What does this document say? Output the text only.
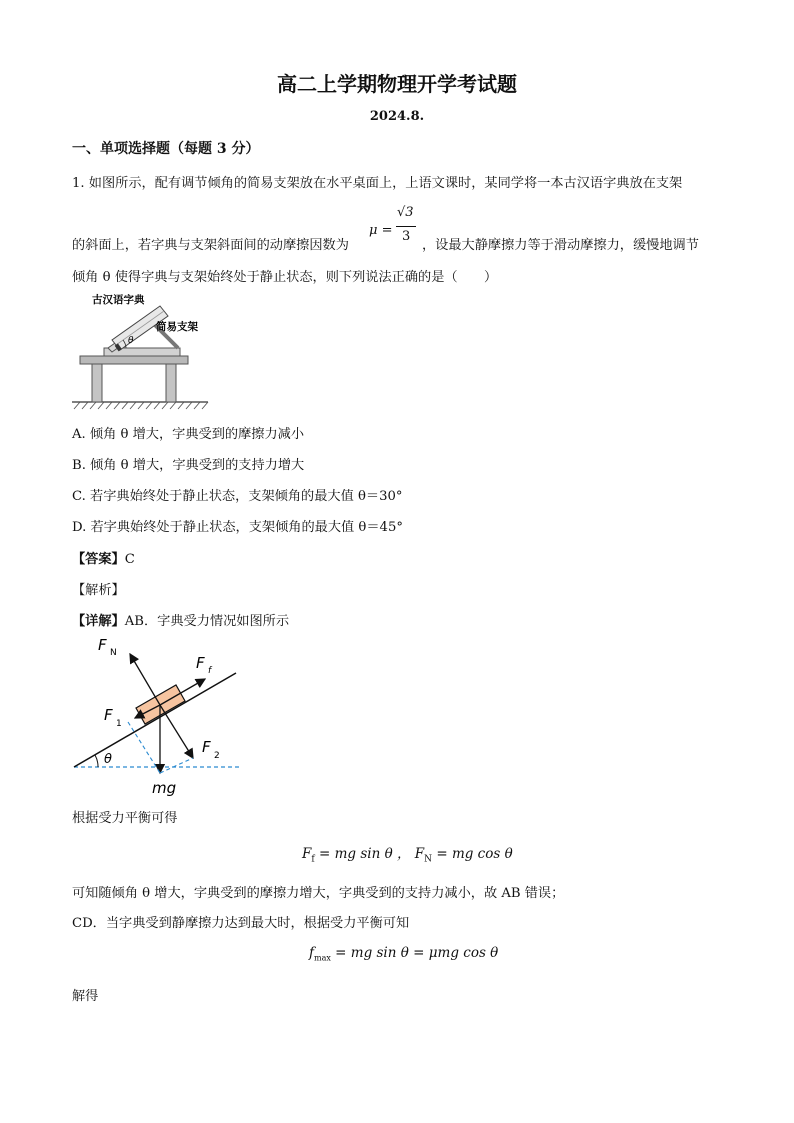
高二上学期物理开学考试题
2024.8.
一、单项选择题（每题 3 分）
1. 如图所示，配有调节倾角的简易支架放在水平桌面上，上语文课时，某同学将一本古汉语字典放在支架
的斜面上，若字典与支架斜面间的动摩擦因数为
μ =
√3
3
，设最大静摩擦力等于滑动摩擦力，缓慢地调节
倾角 θ 使得字典与支架始终处于静止状态，则下列说法正确的是（　　）
θ
古汉语字典
简易支架
A. 倾角 θ 增大，字典受到的摩擦力减小
B. 倾角 θ 增大，字典受到的支持力增大
C. 若字典始终处于静止状态，支架倾角的最大值 θ＝30°
D. 若字典始终处于静止状态，支架倾角的最大值 θ＝45°
【答案】C
【解析】
【详解】AB．字典受力情况如图所示
θ
F N
F f
F 1
F 2
mg
根据受力平衡可得
$F_f$ = mg sin θ ， $F_N$ = mg cos θ
可知随倾角 θ 增大，字典受到的摩擦力增大，字典受到的支持力减小，故 AB 错误；
CD．当字典受到静摩擦力达到最大时，根据受力平衡可知
$f_{max}$ = mg sin θ = μmg cos θ
解得
